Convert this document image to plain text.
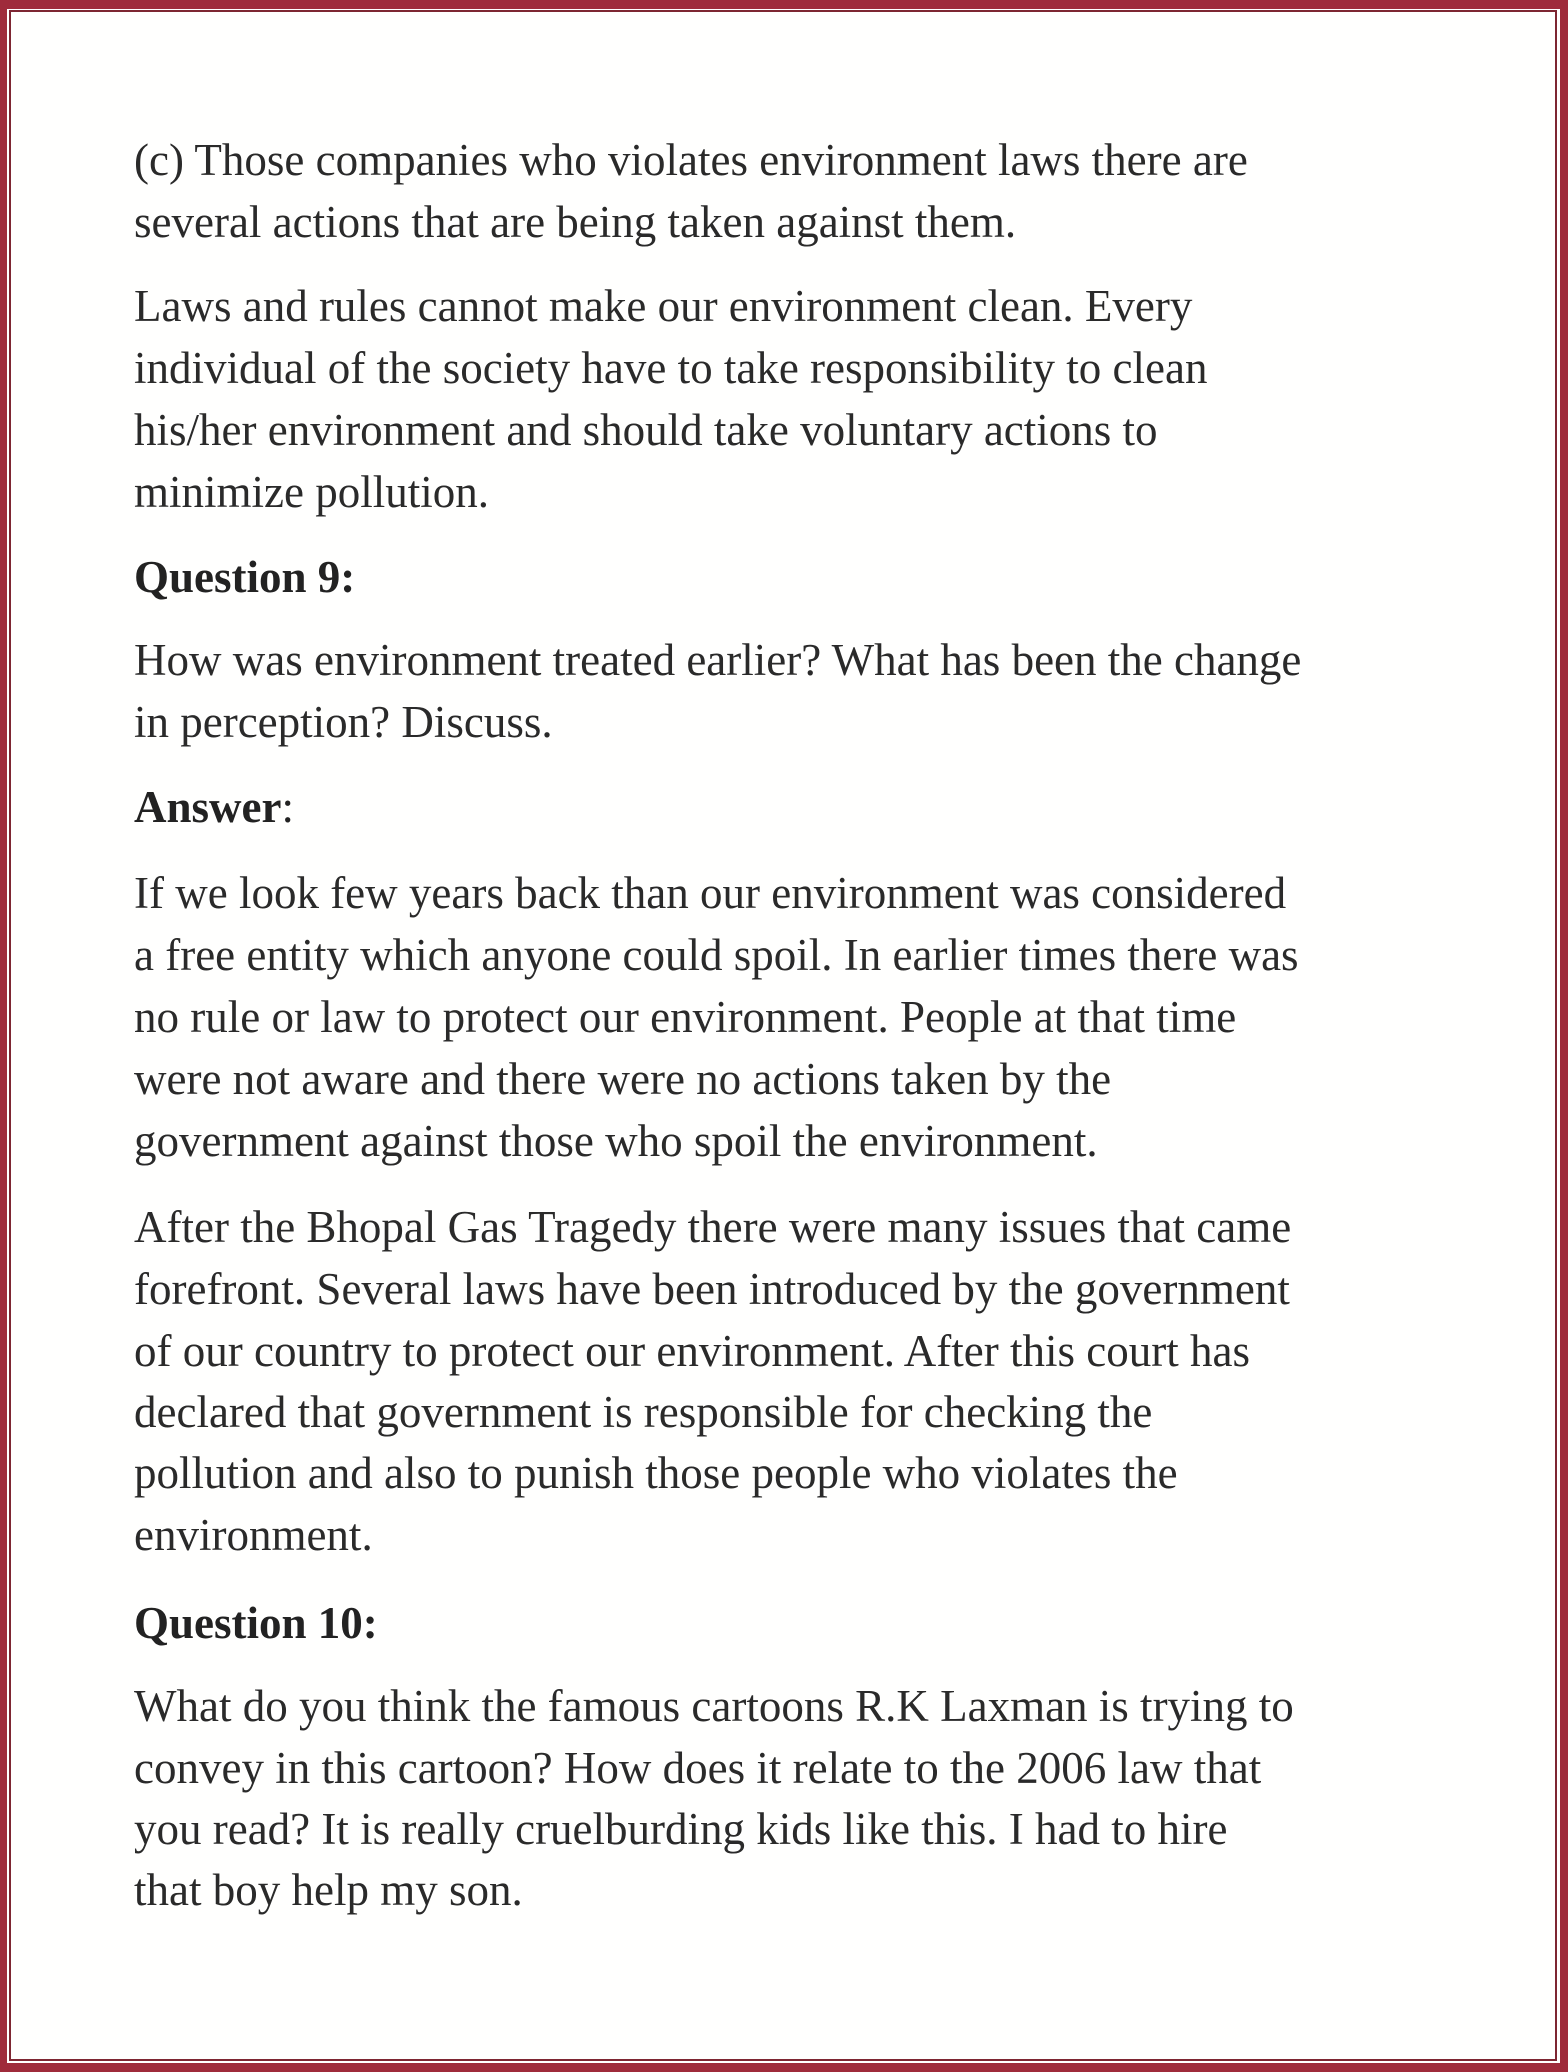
(c) Those companies who violates environment laws there are
several actions that are being taken against them.
Laws and rules cannot make our environment clean. Every
individual of the society have to take responsibility to clean
his/her environment and should take voluntary actions to
minimize pollution.
Question 9:
How was environment treated earlier? What has been the change
in perception? Discuss.
Answer:
If we look few years back than our environment was considered
a free entity which anyone could spoil. In earlier times there was
no rule or law to protect our environment. People at that time
were not aware and there were no actions taken by the
government against those who spoil the environment.
After the Bhopal Gas Tragedy there were many issues that came
forefront. Several laws have been introduced by the government
of our country to protect our environment. After this court has
declared that government is responsible for checking the
pollution and also to punish those people who violates the
environment.
Question 10:
What do you think the famous cartoons R.K Laxman is trying to
convey in this cartoon? How does it relate to the 2006 law that
you read? It is really cruelburding kids like this. I had to hire
that boy help my son.
